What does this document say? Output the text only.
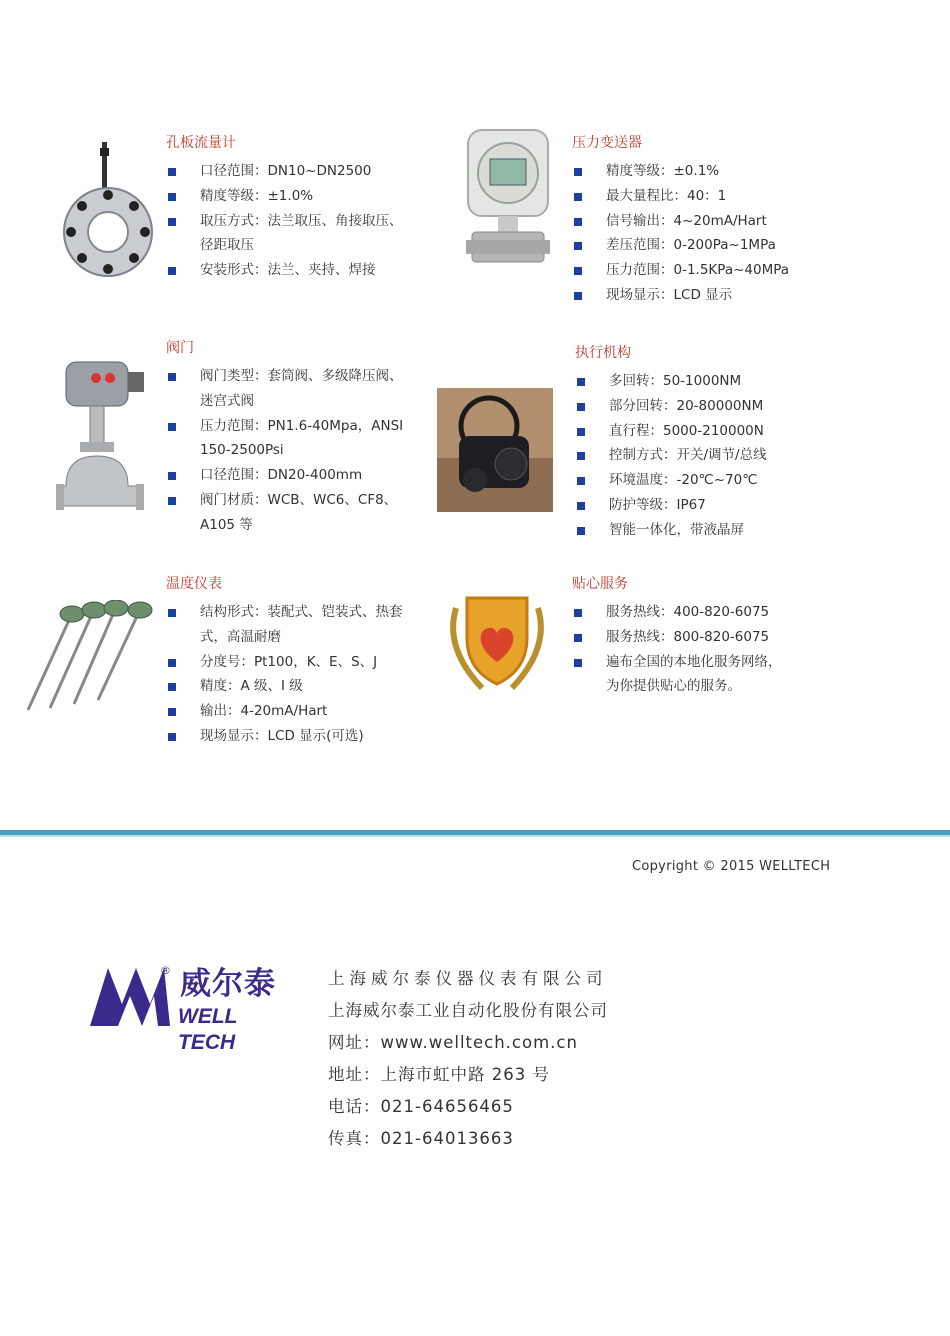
孔板流量计
口径范围：DN10~DN2500
精度等级：±1.0%
取压方式：法兰取压、角接取压、
径距取压
安装形式：法兰、夹持、焊接
压力变送器
精度等级：±0.1%
最大量程比：40：1
信号输出：4~20mA/Hart
差压范围：0-200Pa~1MPa
压力范围：0-1.5KPa~40MPa
现场显示：LCD 显示
阀门
阀门类型：套筒阀、多级降压阀、
迷宫式阀
压力范围：PN1.6-40Mpa，ANSI
150-2500Psi
口径范围：DN20-400mm
阀门材质：WCB、WC6、CF8、
A105 等
执行机构
多回转：50-1000NM
部分回转：20-80000NM
直行程：5000-210000N
控制方式：开关/调节/总线
环境温度：-20℃~70℃
防护等级：IP67
智能一体化，带液晶屏
温度仪表
结构形式：装配式、铠装式、热套
式，高温耐磨
分度号：Pt100，K、E、S、J
精度：A 级、I 级
输出：4-20mA/Hart
现场显示：LCD 显示(可选)
贴心服务
服务热线：400-820-6075
服务热线：800-820-6075
遍布全国的本地化服务网络，
为你提供贴心的服务。
Copyright © 2015 WELLTECH
® 威尔泰
WELL TECH
上海威尔泰仪器仪表有限公司
上海威尔泰工业自动化股份有限公司
网址：www.welltech.com.cn
地址：上海市虹中路 263 号
电话：021-64656465
传真：021-64013663
